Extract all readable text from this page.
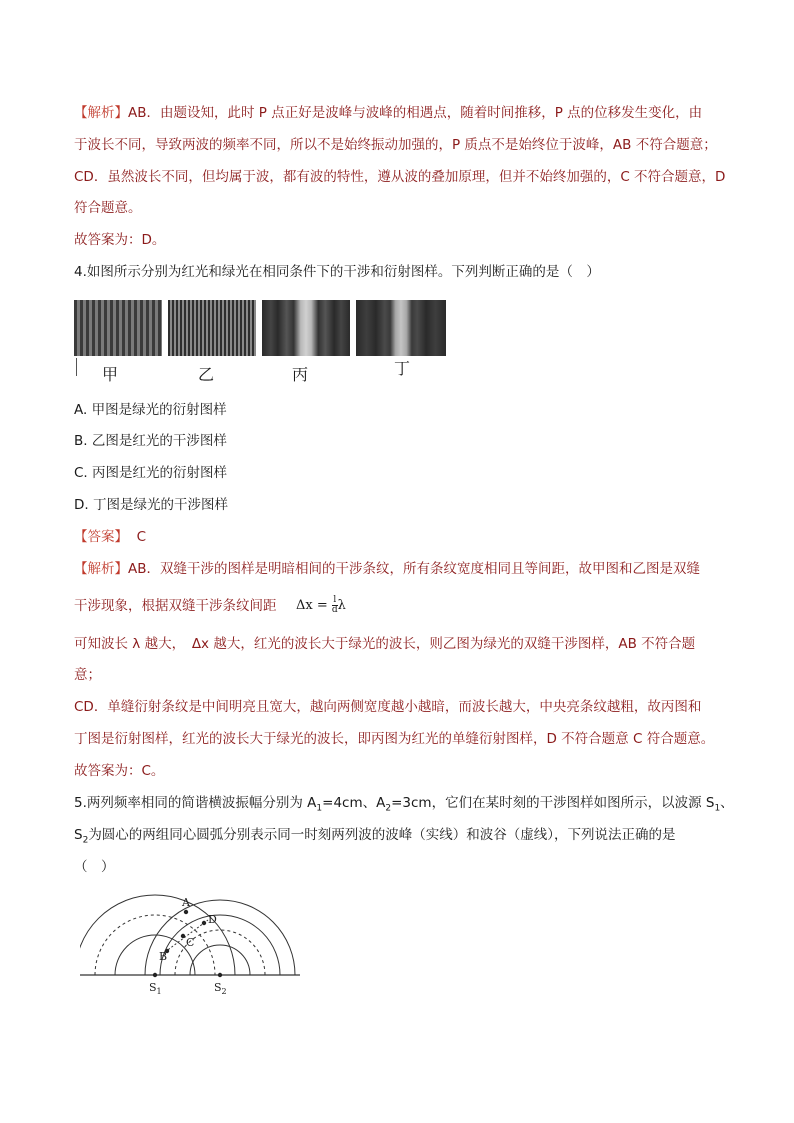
【解析】AB．由题设知，此时 P 点正好是波峰与波峰的相遇点，随着时间推移，P 点的位移发生变化，由
于波长不同，导致两波的频率不同，所以不是始终振动加强的，P 质点不是始终位于波峰，AB 不符合题意；
CD．虽然波长不同，但均属于波，都有波的特性，遵从波的叠加原理，但并不始终加强的，C 不符合题意，D
符合题意。
故答案为：D。
4.如图所示分别为红光和绿光在相同条件下的干涉和衍射图样。下列判断正确的是（　）
甲	乙	丙	丁
A. 甲图是绿光的衍射图样
B. 乙图是红光的干涉图样
C. 丙图是红光的衍射图样
D. 丁图是绿光的干涉图样
【答案】 C
【解析】AB．双缝干涉的图样是明暗相间的干涉条纹，所有条纹宽度相同且等间距，故甲图和乙图是双缝
干涉现象，根据双缝干涉条纹间距 $\Delta x = \frac{l}{d}$ λ
可知波长 λ 越大，　Δx 越大，红光的波长大于绿光的波长，则乙图为绿光的双缝干涉图样，AB 不符合题
意；
CD．单缝衍射条纹是中间明亮且宽大，越向两侧宽度越小越暗，而波长越大，中央亮条纹越粗，故丙图和
丁图是衍射图样，红光的波长大于绿光的波长，即丙图为红光的单缝衍射图样，D 不符合题意 C 符合题意。
故答案为：C。
5.两列频率相同的简谐横波振幅分别为 $A_1=4cm$、$A_2=3cm$，它们在某时刻的干涉图样如图所示，以波源 $S_1$、
$S_2$为圆心的两组同心圆弧分别表示同一时刻两列波的波峰（实线）和波谷（虚线），下列说法正确的是
（　）
A
D
C
B
$S_1$	$S_2$
